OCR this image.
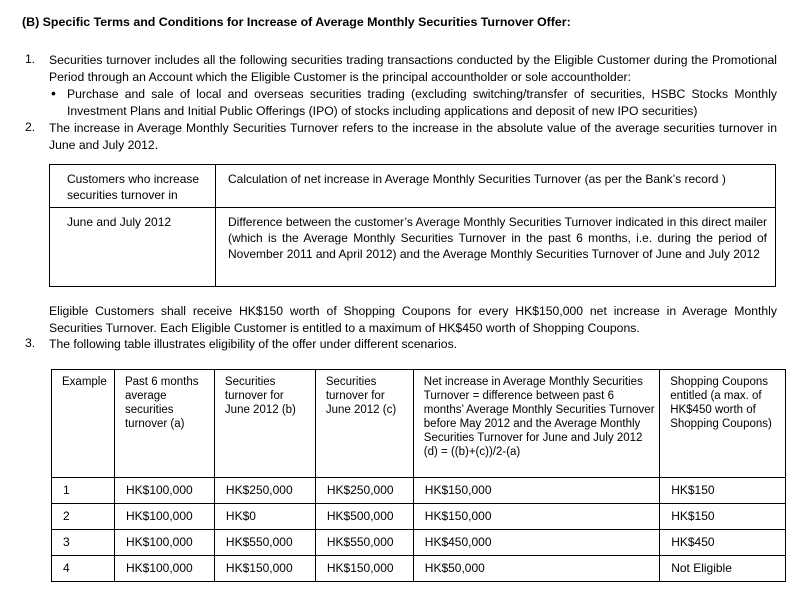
(B) Specific Terms and Conditions for Increase of Average Monthly Securities Turnover Offer:
1. Securities turnover includes all the following securities trading transactions conducted by the Eligible Customer during the Promotional Period through an Account which the Eligible Customer is the principal accountholder or sole accountholder:
• Purchase and sale of local and overseas securities trading (excluding switching/transfer of securities, HSBC Stocks Monthly Investment Plans and Initial Public Offerings (IPO) of stocks including applications and deposit of new IPO securities)
2. The increase in Average Monthly Securities Turnover refers to the increase in the absolute value of the average securities turnover in June and July 2012.
Customers who increase securities turnover in	Calculation of net increase in Average Monthly Securities Turnover (as per the Bank’s record )
June and July 2012	Difference between the customer’s Average Monthly Securities Turnover indicated in this direct mailer (which is the Average Monthly Securities Turnover in the past 6 months, i.e. during the period of November 2011 and April 2012) and the Average Monthly Securities Turnover of June and July 2012
Eligible Customers shall receive HK$150 worth of Shopping Coupons for every HK$150,000 net increase in Average Monthly Securities Turnover. Each Eligible Customer is entitled to a maximum of HK$450 worth of Shopping Coupons.
3. The following table illustrates eligibility of the offer under different scenarios.
Example	Past 6 months average securities turnover (a)	Securities turnover for June 2012 (b)	Securities turnover for June 2012 (c)	Net increase in Average Monthly Securities Turnover = difference between past 6 months’ Average Monthly Securities Turnover before May 2012 and the Average Monthly Securities Turnover for June and July 2012 (d) = ((b)+(c))/2-(a)	Shopping Coupons entitled (a max. of HK$450 worth of Shopping Coupons)
1	HK$100,000	HK$250,000	HK$250,000	HK$150,000	HK$150
2	HK$100,000	HK$0	HK$500,000	HK$150,000	HK$150
3	HK$100,000	HK$550,000	HK$550,000	HK$450,000	HK$450
4	HK$100,000	HK$150,000	HK$150,000	HK$50,000	Not Eligible
